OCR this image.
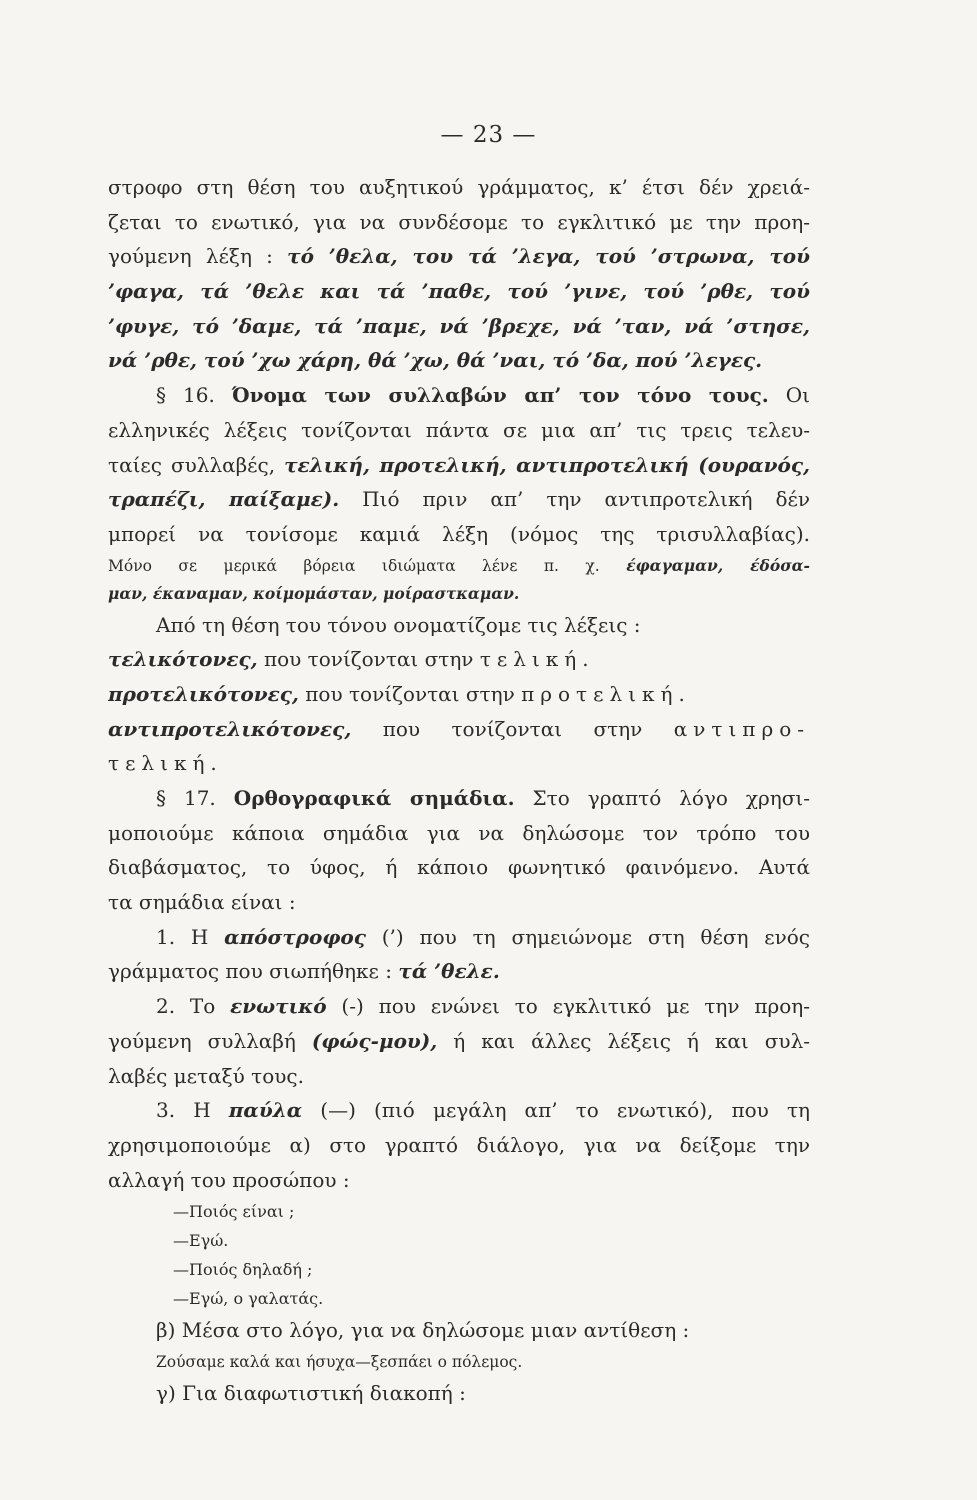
— 23 —
στροφο στη θέση του αυξητικού γράμματος, κ’ έτσι δέν χρειά-
ζεται το ενωτικό, για να συνδέσομε το εγκλιτικό με την προη-
γούμενη λέξη : τό ’θελα, του τά ’λεγα, τού ’στρωνα, τού
’φαγα, τά ’θελε και τά ’παθε, τού ’γινε, τού ’ρθε, τού
’φυγε, τό ’δαμε, τά ’παμε, νά ’βρεχε, νά ’ταν, νά ’στησε,
νά ’ρθε, τού ’χω χάρη, θά ’χω, θά ’ναι, τό ’δα, πού ’λεγες.
§ 16. Όνομα των συλλαβών απ’ τον τόνο τους. Οι
ελληνικές λέξεις τονίζονται πάντα σε μια απ’ τις τρεις τελευ-
ταίες συλλαβές, τελική, προτελική, αντιπροτελική (ουρανός,
τραπέζι, παίξαμε). Πιό πριν απ’ την αντιπροτελική δέν
μπορεί να τονίσομε καμιά λέξη (νόμος της τρισυλλαβίας).
Μόνο σε μερικά βόρεια ιδιώματα λένε π. χ. έφαγαμαν, έδόσα-
μαν, έκαναμαν, κοίμομάσταν, μοίραστκαμαν.
Από τη θέση του τόνου ονοματίζομε τις λέξεις :
τελικότονες, που τονίζονται στην τελική.
προτελικότονες, που τονίζονται στην προτελική.
αντιπροτελικότονες, που τονίζονται στην αντιπρο-
τελική.
§ 17. Ορθογραφικά σημάδια. Στο γραπτό λόγο χρησι-
μοποιούμε κάποια σημάδια για να δηλώσομε τον τρόπο του
διαβάσματος, το ύφος, ή κάποιο φωνητικό φαινόμενο. Αυτά
τα σημάδια είναι :
1. Η απόστροφος (’) που τη σημειώνομε στη θέση ενός
γράμματος που σιωπήθηκε : τά ’θελε.
2. Το ενωτικό (-) που ενώνει το εγκλιτικό με την προη-
γούμενη συλλαβή (φώς-μου), ή και άλλες λέξεις ή και συλ-
λαβές μεταξύ τους.
3. Η παύλα (—) (πιό μεγάλη απ’ το ενωτικό), που τη
χρησιμοποιούμε α) στο γραπτό διάλογο, για να δείξομε την
αλλαγή του προσώπου :
—Ποιός είναι ;
—Εγώ.
—Ποιός δηλαδή ;
—Εγώ, ο γαλατάς.
β) Μέσα στο λόγο, για να δηλώσομε μιαν αντίθεση :
Ζούσαμε καλά και ήσυχα—ξεσπάει ο πόλεμος.
γ) Για διαφωτιστική διακοπή :
